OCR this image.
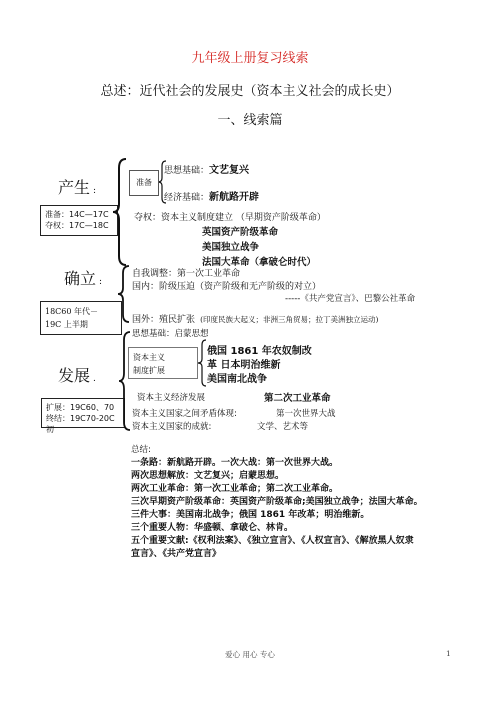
九年级上册复习线索
总述：近代社会的发展史（资本主义社会的成长史）
一、线索篇
产生 :
准备：14C—17C
夺权：17C—18C
准备
思想基础：文艺复兴
经济基础：新航路开辟
夺权：资本主义制度建立 （早期资产阶级革命）
英国资产阶级革命
美国独立战争
法国大革命（拿破仑时代）
确立 :
18C60 年代－
19C 上半期
自我调整：第一次工业革命
国内：阶级压迫（资产阶级和无产阶级的对立）
-----《共产党宣言》、巴黎公社革命
国外：殖民扩张 (印度民族大起义；非洲三角贸易；拉丁美洲独立运动)
思想基础：启蒙思想
发展 .
扩展：19C60、70
终结：19C70-20C 初
资本主义
制度扩展
俄国 1861 年农奴制改
革 日本明治维新
美国南北战争
资本主义经济发展	第二次工业革命
资本主义国家之间矛盾体现:	第一次世界大战
资本主义国家的成就:	文学、艺术等
总结:
一条路：新航路开辟。一次大战：第一次世界大战。
两次思想解放：文艺复兴；启蒙思想。
两次工业革命：第一次工业革命；第二次工业革命。
三次早期资产阶级革命：英国资产阶级革命;美国独立战争；法国大革命。
三件大事：美国南北战争；俄国 1861 年改革；明治维新。
三个重要人物：华盛顿、拿破仑、林肯。
五个重要文献:《权利法案》、《独立宣言》、《人权宣言》、《解放黑人奴隶
宣言》、《共产党宣言》
爱心 用心 专心	1
